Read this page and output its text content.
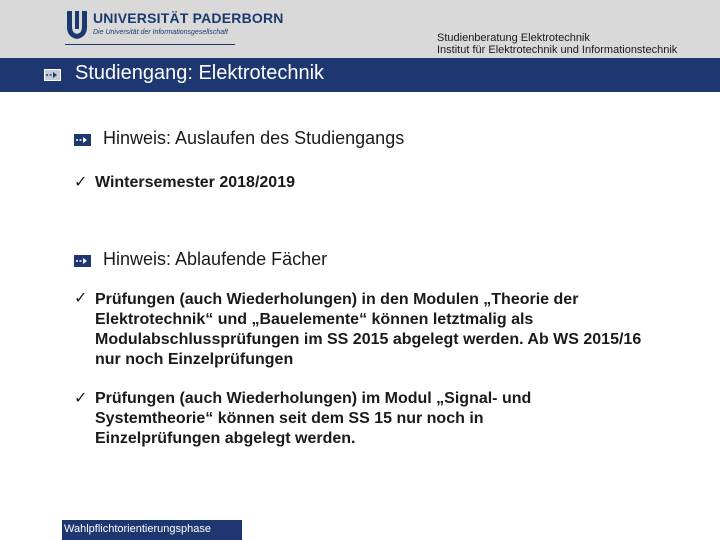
UNIVERSITÄT PADERBORN
Die Universität der Informationsgesellschaft	Studienberatung Elektrotechnik
Institut für Elektrotechnik und Informationstechnik
Studiengang: Elektrotechnik
Hinweis: Auslaufen des Studiengangs
✓ Wintersemester 2018/2019
Hinweis: Ablaufende Fächer
✓ Prüfungen (auch Wiederholungen) in den Modulen „Theorie der Elektrotechnik“ und „Bauelemente“ können letztmalig als Modulabschlussprüfungen im SS 2015 abgelegt werden. Ab WS 2015/16 nur noch Einzelprüfungen
✓ Prüfungen (auch Wiederholungen) im Modul „Signal- und Systemtheorie“ können seit dem SS 15 nur noch in Einzelprüfungen abgelegt werden.
Wahlpflichtorientierungsphase
